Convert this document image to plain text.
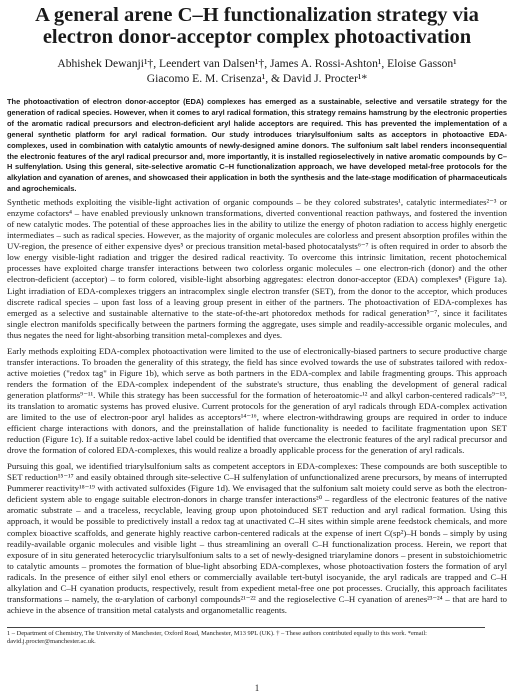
A general arene C–H functionalization strategy via electron donor-acceptor complex photoactivation
Abhishek Dewanji¹†, Leendert van Dalsen¹†, James A. Rossi-Ashton¹, Eloise Gasson¹
Giacomo E. M. Crisenza¹, & David J. Procter¹*

The photoactivation of electron donor-acceptor (EDA) complexes has emerged as a sustainable, selective and versatile strategy for the generation of radical species. However, when it comes to aryl radical formation, this strategy remains hamstrung by the electronic properties of the aromatic radical precursors and electron-deficient aryl halide acceptors are required. This has prevented the implementation of a general synthetic platform for aryl radical formation. Our study introduces triarylsulfonium salts as acceptors in photoactive EDA-complexes, used in combination with catalytic amounts of newly-designed amine donors. The sulfonium salt label renders inconsequential the electronic features of the aryl radical precursor and, more importantly, it is installed regioselectively in native aromatic compounds by C–H sulfenylation. Using this general, site-selective aromatic C–H functionalization approach, we have developed metal-free protocols for the alkylation and cyanation of arenes, and showcased their application in both the synthesis and the late-stage modification of pharmaceuticals and agrochemicals.

Synthetic methods exploiting the visible-light activation of organic compounds – be they colored substrates¹, catalytic intermediates²⁻³ or enzyme cofactors⁴ – have enabled previously unknown transformations, diverted conventional reaction pathways, and fostered the invention of new catalytic modes. The potential of these approaches lies in the ability to utilize the energy of photon radiation to access highly energetic intermediates – such as radical species. However, as the majority of organic molecules are colorless and present absorption profiles within the UV-region, the presence of either expensive dyes⁵ or precious transition metal-based photocatalysts⁶⁻⁷ is often required in order to absorb the low energy visible-light radiation and trigger the desired radical reactivity. To overcome this intrinsic limitation, recent photochemical processes have exploited charge transfer interactions between two colorless organic molecules – one electron-rich (donor) and the other electron-deficient (acceptor) – to form colored, visible-light absorbing aggregates: electron donor-acceptor (EDA) complexes⁸ (Figure 1a). Light irradiation of EDA-complexes triggers an intracomplex single electron transfer (SET), from the donor to the acceptor, which produces discrete radical species – upon fast loss of a leaving group present in either of the partners. The photoactivation of EDA-complexes has emerged as a selective and sustainable alternative to the state-of-the-art photoredox methods for radical generation⁵⁻⁷, since it facilitates single electron manifolds specifically between the partners forming the aggregate, uses simple and readily-accessible organic molecules, and thus negates the need for light-absorbing transition metal-complexes and dyes.

Early methods exploiting EDA-complex photoactivation were limited to the use of electronically-biased partners to secure productive charge transfer interactions. To broaden the generality of this strategy, the field has since evolved towards the use of substrates tailored with redox-active moieties ("redox tag" in Figure 1b), which serve as both partners in the EDA-complex and labile fragmenting groups. This approach renders the formation of the EDA-complex independent of the substrate's structure, thus enabling the development of general radical generation platforms⁹⁻¹¹. While this strategy has been successful for the formation of heteroatomic-¹² and alkyl carbon-centered radicals⁹⁻¹³, its translation to aromatic systems has proved elusive. Current protocols for the generation of aryl radicals through EDA-complex activation are limited to the use of electron-poor aryl halides as acceptors¹⁴⁻¹⁶, where electron-withdrawing groups are required in order to induce efficient charge interactions with donors, and the preinstallation of halide functionality is needed to facilitate fragmentation upon SET reduction (Figure 1c). If a suitable redox-active label could be identified that overcame the electronic features of the aryl radical precursor and drove the formation of colored EDA-complexes, this would realize a broadly applicable process for the generation of aryl radicals.

Pursuing this goal, we identified triarylsulfonium salts as competent acceptors in EDA-complexes: These compounds are both susceptible to SET reduction¹⁵⁻¹⁷ and easily obtained through site-selective C–H sulfenylation of unfunctionalized arene precursors, by means of interrupted Pummerer reactivity¹⁸⁻¹⁹ with activated sulfoxides (Figure 1d). We envisaged that the sulfonium salt moiety could serve as both the electron-deficient system able to engage suitable electron-donors in charge transfer interactions²⁰ – regardless of the electronic features of the native aromatic substrate – and a traceless, recyclable, leaving group upon photoinduced SET reduction and aryl radical formation. Using this approach, it would be possible to predictively install a redox tag at unactivated C–H sites within simple arene feedstock chemicals, and more complex bioactive scaffolds, and generate highly reactive carbon-centered radicals at the expense of inert C(sp²)–H bonds – simply by using readily-available organic molecules and visible light – thus streamlining an overall C–H functionalization process. Herein, we report that exposure of in situ generated heterocyclic triarylsulfonium salts to a set of newly-designed triarylamine donors – present in substoichiometric to catalytic amounts – promotes the formation of blue-light absorbing EDA-complexes, whose photoactivation fosters the formation of aryl radicals. In the presence of either silyl enol ethers or commercially available tert-butyl isocyanide, the aryl radicals are trapped and C–H alkylation and C–H cyanation products, respectively, result from expedient metal-free one pot processes. Crucially, this approach facilitates transformations – namely, the α-arylation of carbonyl compounds²¹⁻²² and the regioselective C–H cyanation of arenes²³⁻²⁴ – that are hard to achieve in the absence of transition metal catalysts and organometallic reagents.

1 – Department of Chemistry, The University of Manchester, Oxford Road, Manchester, M13 9PL (UK). † – These authors contributed equally to this work. *email:
david.j.procter@manchester.ac.uk.
1
